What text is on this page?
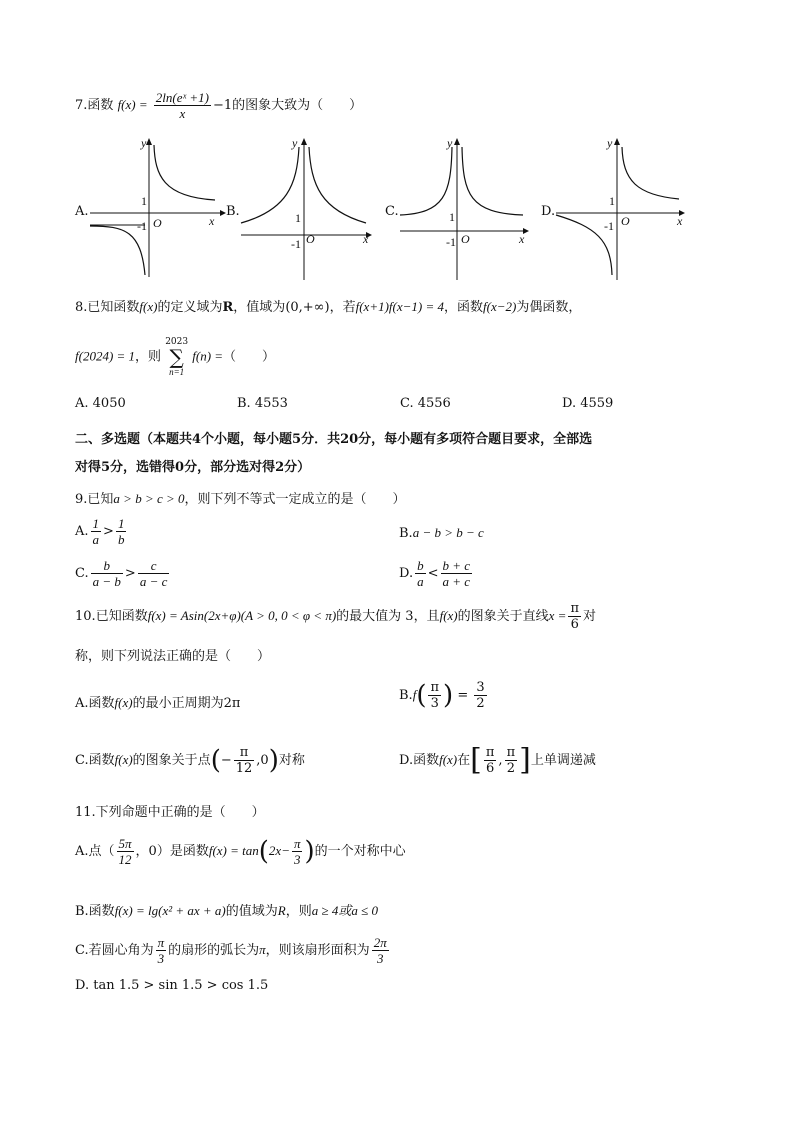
7.函数 $f(x) = \frac{\text{2ln(eˣ +1)}}{x} -1$的图象大致为（　　）
A.
y
x
O
1
-1
B.
y
x
O
1
-1
C.
y
x
O
1
-1
D.
y
x
O
1
-1
8.已知函数f(x)的定义域为R，值域为(0,+∞)，若f(x+1)f(x−1) = 4，函数f(x−2)为偶函数，
f(2024) = 1，则
2023
∑
n=1
f(n) =（　　）
A. 4050	B. 4553	C. 4556	D. 4559
二、多选题（本题共4个小题，每小题5分．共20分，每小题有多项符合题目要求，全部选
对得5分，选错得0分，部分选对得2分）
9.已知a > b > c > 0，则下列不等式一定成立的是（　　）
A. $\frac{1}{a} > \frac{1}{b}$	B.a − b > b − c
C. $\frac{b}{a - b} > \frac{c}{a - c}$	D. $\frac{b}{a} < \frac{b + c}{a + c}$
10.已知函数f(x) = Asin(2x+φ)(A > 0, 0 < φ < π)的最大值为 3，且f(x)的图象关于直线$x = \frac{\pi}{6}$ 对
称，则下列说法正确的是（　　）
A.函数f(x)的最小正周期为2π
$B.f( \frac{\pi}{3}$ ) = $\frac{3}{2}$
C.函数f(x)的图象关于点(− $\frac{\pi}{12} ,0$)对称	D.函数f(x)在[ $\frac{\pi}{6}$ , $\frac{\pi}{2}$ ]上单调递减
11.下列命题中正确的是（　　）
A.点（ $\frac{5\pi}{12}$ ，0）是函数$f(x) = \tan(2x- \frac{\pi}{3}$ )的一个对称中心
B.函数f(x) = lg(x² + ax + a)的值域为R，则a ≥ 4或a ≤ 0
C.若圆心角为 $\frac{\pi}{3}$ 的扇形的弧长为π，则该扇形面积为 $\frac{2\pi}{3}$
D. tan 1.5 > sin 1.5 > cos 1.5
